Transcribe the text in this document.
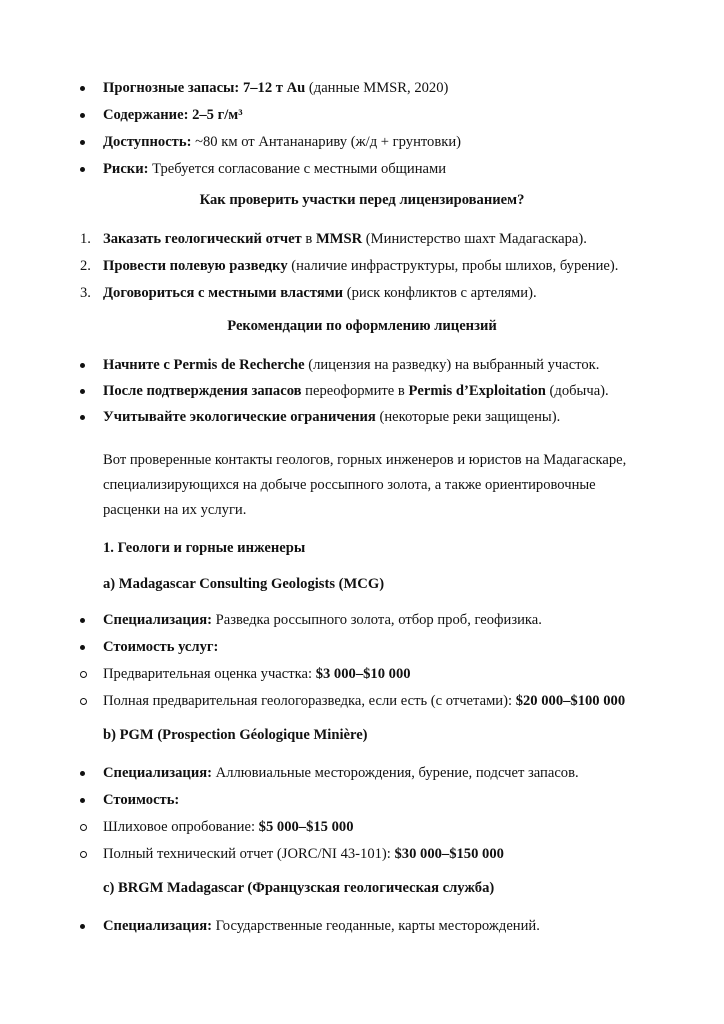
Прогнозные запасы: 7–12 т Au (данные MMSR, 2020)
Содержание: 2–5 г/м³
Доступность: ~80 км от Антананариву (ж/д + грунтовки)
Риски: Требуется согласование с местными общинами
Как проверить участки перед лицензированием?
1. Заказать геологический отчет в MMSR (Министерство шахт Мадагаскара).
2. Провести полевую разведку (наличие инфраструктуры, пробы шлихов, бурение).
3. Договориться с местными властями (риск конфликтов с артелями).
Рекомендации по оформлению лицензий
Начните с Permis de Recherche (лицензия на разведку) на выбранный участок.
После подтверждения запасов переоформите в Permis d’Exploitation (добыча).
Учитывайте экологические ограничения (некоторые реки защищены).
Вот проверенные контакты геологов, горных инженеров и юристов на Мадагаскаре, специализирующихся на добыче россыпного золота, а также ориентировочные расценки на их услуги.
1. Геологи и горные инженеры
a) Madagascar Consulting Geologists (MCG)
Специализация: Разведка россыпного золота, отбор проб, геофизика.
Стоимость услуг:
Предварительная оценка участка: $3 000–$10 000
Полная предварительная геологоразведка, если есть (с отчетами): $20 000–$100 000
b) PGM (Prospection Géologique Minière)
Специализация: Аллювиальные месторождения, бурение, подсчет запасов.
Стоимость:
Шлиховое опробование: $5 000–$15 000
Полный технический отчет (JORC/NI 43-101): $30 000–$150 000
c) BRGM Madagascar (Французская геологическая служба)
Специализация: Государственные геоданные, карты месторождений.
